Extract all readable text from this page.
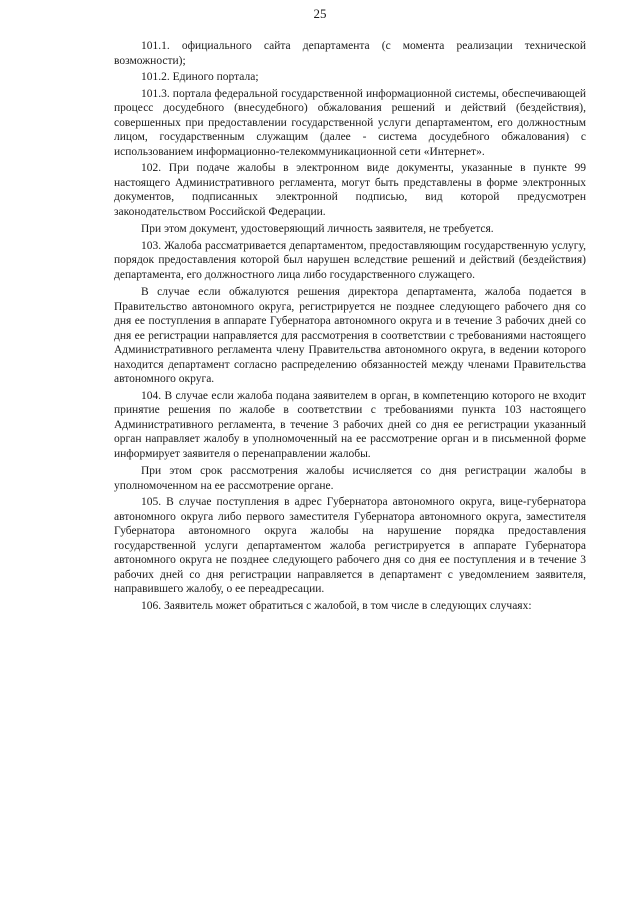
25

101.1. официального сайта департамента (с момента реализации технической возможности);

101.2. Единого портала;

101.3. портала федеральной государственной информационной системы, обеспечивающей процесс досудебного (внесудебного) обжалования решений и действий (бездействия), совершенных при предоставлении государственной услуги департаментом, его должностным лицом, государственным служащим (далее - система досудебного обжалования) с использованием информационно-телекоммуникационной сети «Интернет».

102. При подаче жалобы в электронном виде документы, указанные в пункте 99 настоящего Административного регламента, могут быть представлены в форме электронных документов, подписанных электронной подписью, вид которой предусмотрен законодательством Российской Федерации.

При этом документ, удостоверяющий личность заявителя, не требуется.

103. Жалоба рассматривается департаментом, предоставляющим государственную услугу, порядок предоставления которой был нарушен вследствие решений и действий (бездействия) департамента, его должностного лица либо государственного служащего.

В случае если обжалуются решения директора департамента, жалоба подается в Правительство автономного округа, регистрируется не позднее следующего рабочего дня со дня ее поступления в аппарате Губернатора автономного округа и в течение 3 рабочих дней со дня ее регистрации направляется для рассмотрения в соответствии с требованиями настоящего Административного регламента члену Правительства автономного округа, в ведении которого находится департамент согласно распределению обязанностей между членами Правительства автономного округа.

104. В случае если жалоба подана заявителем в орган, в компетенцию которого не входит принятие решения по жалобе в соответствии с требованиями пункта 103 настоящего Административного регламента, в течение 3 рабочих дней со дня ее регистрации указанный орган направляет жалобу в уполномоченный на ее рассмотрение орган и в письменной форме информирует заявителя о перенаправлении жалобы.

При этом срок рассмотрения жалобы исчисляется со дня регистрации жалобы в уполномоченном на ее рассмотрение органе.

105. В случае поступления в адрес Губернатора автономного округа, вице-губернатора автономного округа либо первого заместителя Губернатора автономного округа, заместителя Губернатора автономного округа жалобы на нарушение порядка предоставления государственной услуги департаментом жалоба регистрируется в аппарате Губернатора автономного округа не позднее следующего рабочего дня со дня ее поступления и в течение 3 рабочих дней со дня регистрации направляется в департамент с уведомлением заявителя, направившего жалобу, о ее переадресации.

106. Заявитель может обратиться с жалобой, в том числе в следующих случаях:
